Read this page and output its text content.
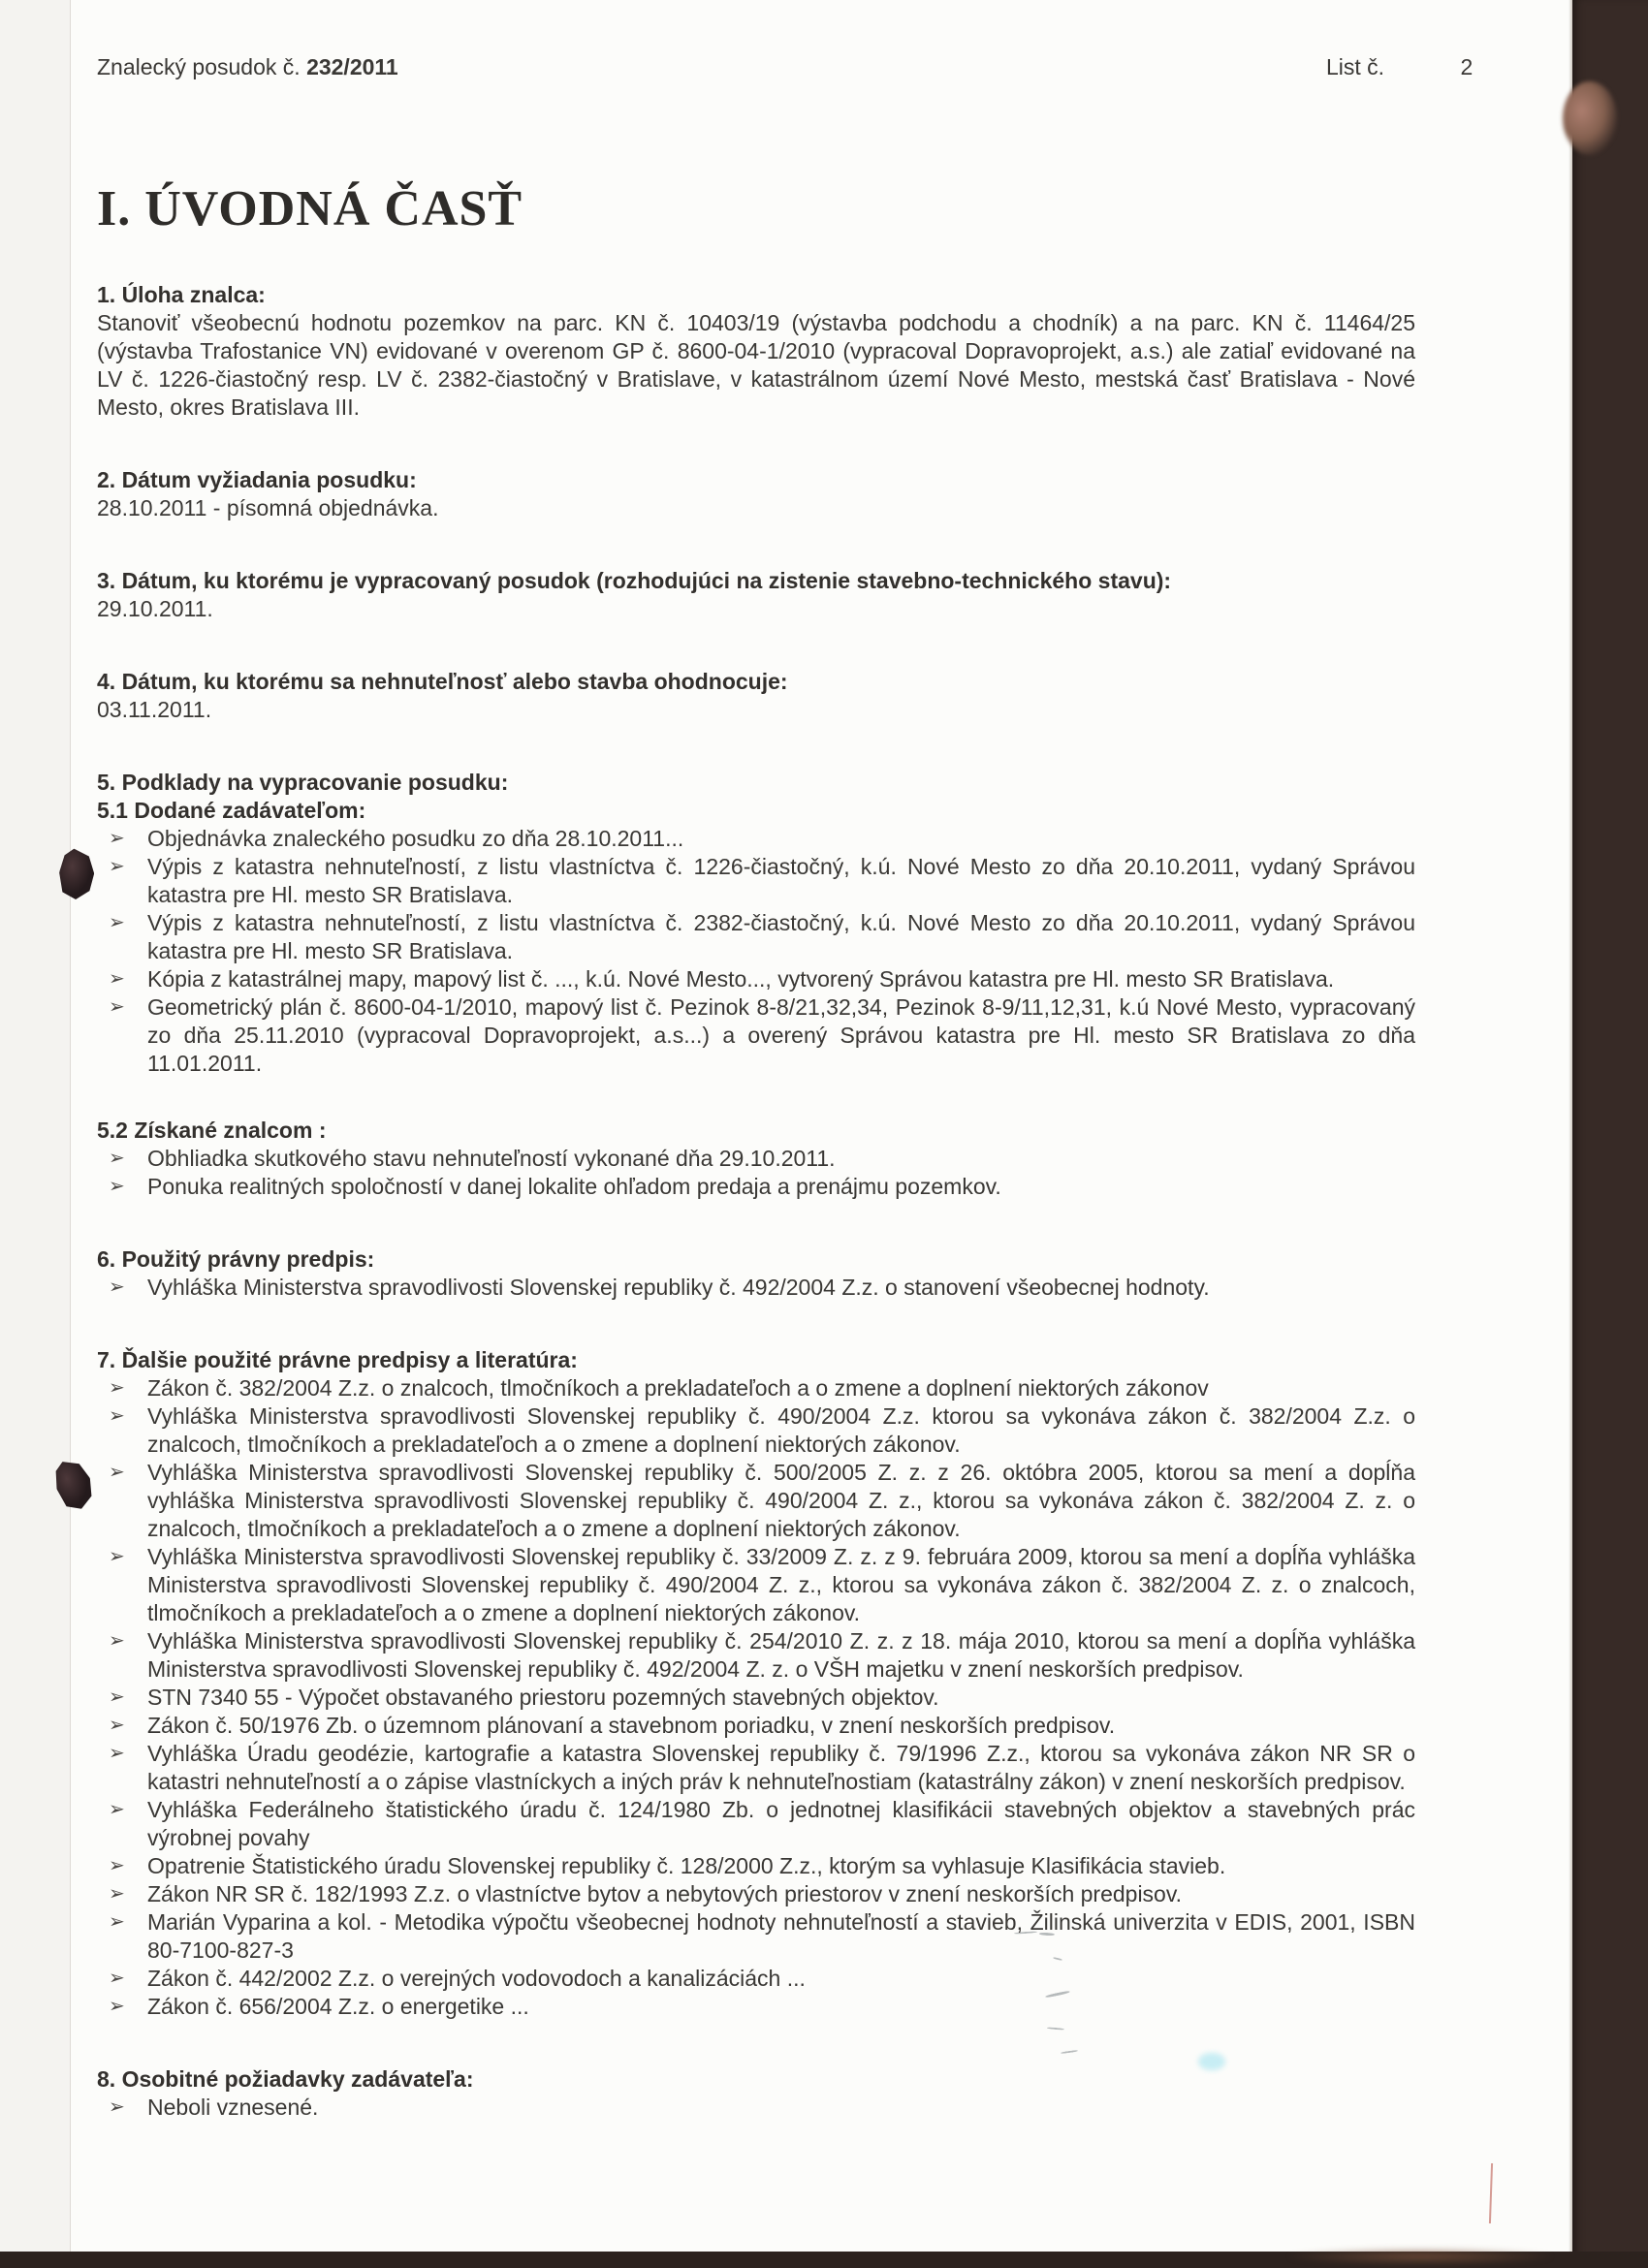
Znalecký posudok č. 232/2011	List č.	2
I. ÚVODNÁ ČASŤ
1. Úloha znalca:
Stanoviť všeobecnú hodnotu pozemkov na parc. KN č. 10403/19 (výstavba podchodu a chodník) a na parc. KN č. 11464/25 (výstavba Trafostanice VN) evidované v overenom GP č. 8600-04-1/2010 (vypracoval Dopravoprojekt, a.s.) ale zatiaľ evidované na LV č. 1226-čiastočný resp. LV č. 2382-čiastočný v Bratislave, v katastrálnom území Nové Mesto, mestská časť Bratislava - Nové Mesto, okres Bratislava III.
2. Dátum vyžiadania posudku:
28.10.2011 - písomná objednávka.
3. Dátum, ku ktorému je vypracovaný posudok (rozhodujúci na zistenie stavebno-technického stavu):
29.10.2011.
4. Dátum, ku ktorému sa nehnuteľnosť alebo stavba ohodnocuje:
03.11.2011.
5. Podklady na vypracovanie posudku:
5.1 Dodané zadávateľom:
➢	Objednávka znaleckého posudku zo dňa 28.10.2011...
➢	Výpis z katastra nehnuteľností, z listu vlastníctva č. 1226-čiastočný, k.ú. Nové Mesto zo dňa 20.10.2011, vydaný Správou katastra pre Hl. mesto SR Bratislava.
➢	Výpis z katastra nehnuteľností, z listu vlastníctva č. 2382-čiastočný, k.ú. Nové Mesto zo dňa 20.10.2011, vydaný Správou katastra pre Hl. mesto SR Bratislava.
➢	Kópia z katastrálnej mapy, mapový list č. ..., k.ú. Nové Mesto..., vytvorený Správou katastra pre Hl. mesto SR Bratislava.
➢	Geometrický plán č. 8600-04-1/2010, mapový list č. Pezinok 8-8/21,32,34, Pezinok 8-9/11,12,31, k.ú Nové Mesto, vypracovaný zo dňa 25.11.2010 (vypracoval Dopravoprojekt, a.s...) a overený Správou katastra pre Hl. mesto SR Bratislava zo dňa 11.01.2011.
5.2 Získané znalcom :
➢	Obhliadka skutkového stavu nehnuteľností vykonané dňa 29.10.2011.
➢	Ponuka realitných spoločností v danej lokalite ohľadom predaja a prenájmu pozemkov.
6. Použitý právny predpis:
➢	Vyhláška Ministerstva spravodlivosti Slovenskej republiky č. 492/2004 Z.z. o stanovení všeobecnej hodnoty.
7. Ďalšie použité právne predpisy a literatúra:
➢	Zákon č. 382/2004 Z.z. o znalcoch, tlmočníkoch a prekladateľoch a o zmene a doplnení niektorých zákonov
➢	Vyhláška Ministerstva spravodlivosti Slovenskej republiky č. 490/2004 Z.z. ktorou sa vykonáva zákon č. 382/2004 Z.z. o znalcoch, tlmočníkoch a prekladateľoch a o zmene a doplnení niektorých zákonov.
➢	Vyhláška Ministerstva spravodlivosti Slovenskej republiky č. 500/2005 Z. z. z 26. októbra 2005, ktorou sa mení a dopĺňa vyhláška Ministerstva spravodlivosti Slovenskej republiky č. 490/2004 Z. z., ktorou sa vykonáva zákon č. 382/2004 Z. z. o znalcoch, tlmočníkoch a prekladateľoch a o zmene a doplnení niektorých zákonov.
➢	Vyhláška Ministerstva spravodlivosti Slovenskej republiky č. 33/2009 Z. z. z 9. februára 2009, ktorou sa mení a dopĺňa vyhláška Ministerstva spravodlivosti Slovenskej republiky č. 490/2004 Z. z., ktorou sa vykonáva zákon č. 382/2004 Z. z. o znalcoch, tlmočníkoch a prekladateľoch a o zmene a doplnení niektorých zákonov.
➢	Vyhláška Ministerstva spravodlivosti Slovenskej republiky č. 254/2010 Z. z. z 18. mája 2010, ktorou sa mení a dopĺňa vyhláška Ministerstva spravodlivosti Slovenskej republiky č. 492/2004 Z. z. o VŠH majetku v znení neskorších predpisov.
➢	STN 7340 55 - Výpočet obstavaného priestoru pozemných stavebných objektov.
➢	Zákon č. 50/1976 Zb. o územnom plánovaní a stavebnom poriadku, v znení neskorších predpisov.
➢	Vyhláška Úradu geodézie, kartografie a katastra Slovenskej republiky č. 79/1996 Z.z., ktorou sa vykonáva zákon NR SR o katastri nehnuteľností a o zápise vlastníckych a iných práv k nehnuteľnostiam (katastrálny zákon) v znení neskorších predpisov.
➢	Vyhláška Federálneho štatistického úradu č. 124/1980 Zb. o jednotnej klasifikácii stavebných objektov a stavebných prác výrobnej povahy
➢	Opatrenie Štatistického úradu Slovenskej republiky č. 128/2000 Z.z., ktorým sa vyhlasuje Klasifikácia stavieb.
➢	Zákon NR SR č. 182/1993 Z.z. o vlastníctve bytov a nebytových priestorov v znení neskorších predpisov.
➢	Marián Vyparina a kol. - Metodika výpočtu všeobecnej hodnoty nehnuteľností a stavieb, Žilinská univerzita v EDIS, 2001, ISBN 80-7100-827-3
➢	Zákon č. 442/2002 Z.z. o verejných vodovodoch a kanalizáciách ...
➢	Zákon č. 656/2004 Z.z. o energetike ...
8. Osobitné požiadavky zadávateľa:
➢	Neboli vznesené.
